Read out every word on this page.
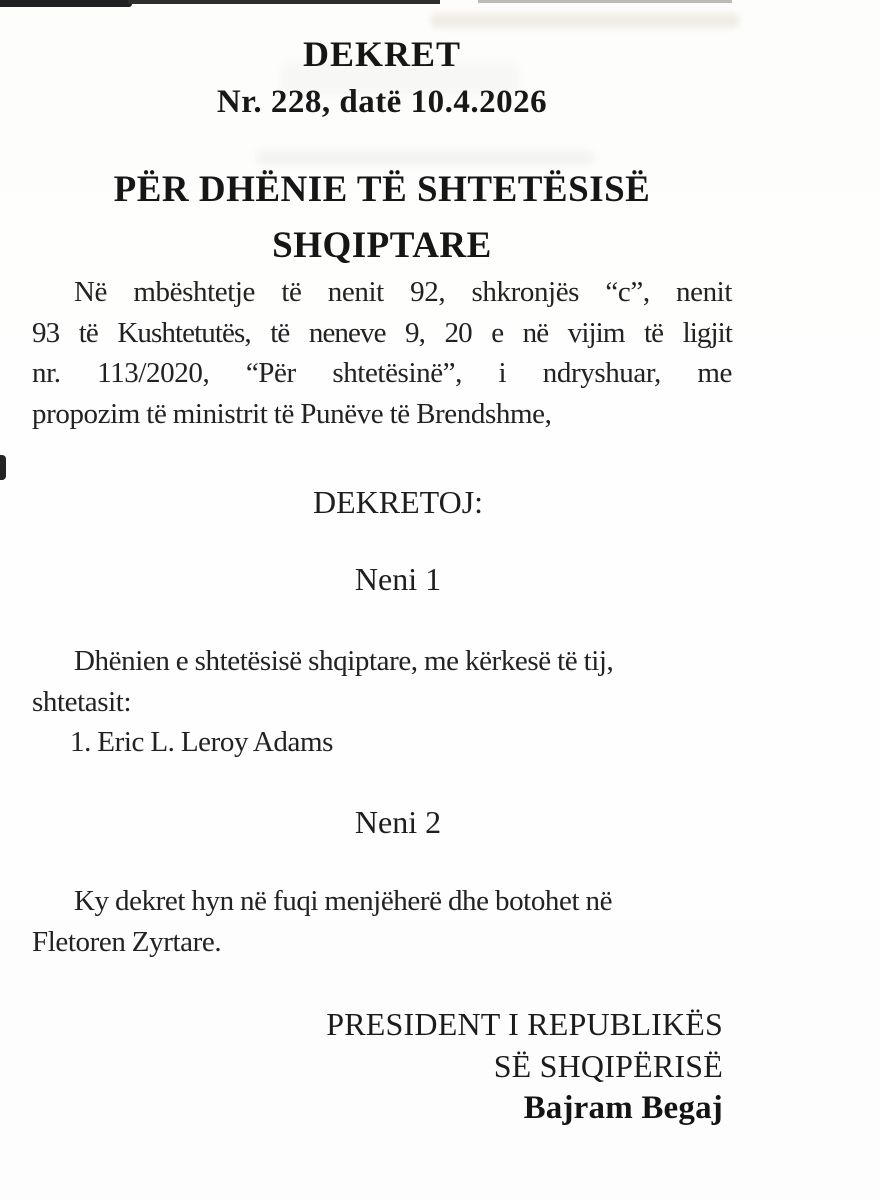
DEKRET
Nr. 228, datë 10.4.2026
PËR DHËNIE TË SHTETËSISË
SHQIPTARE
Në mbështetje të nenit 92, shkronjës “c”, nenit
93 të Kushtetutës, të neneve 9, 20 e në vijim të ligjit
nr. 113/2020, “Për shtetësinë”, i ndryshuar, me
propozim të ministrit të Punëve të Brendshme,
DEKRETOJ:
Neni 1
Dhënien e shtetësisë shqiptare, me kërkesë të tij,
shtetasit:
1. Eric L. Leroy Adams
Neni 2
Ky dekret hyn në fuqi menjëherë dhe botohet në
Fletoren Zyrtare.
PRESIDENT I REPUBLIKËS
SË SHQIPËRISË
Bajram Begaj
